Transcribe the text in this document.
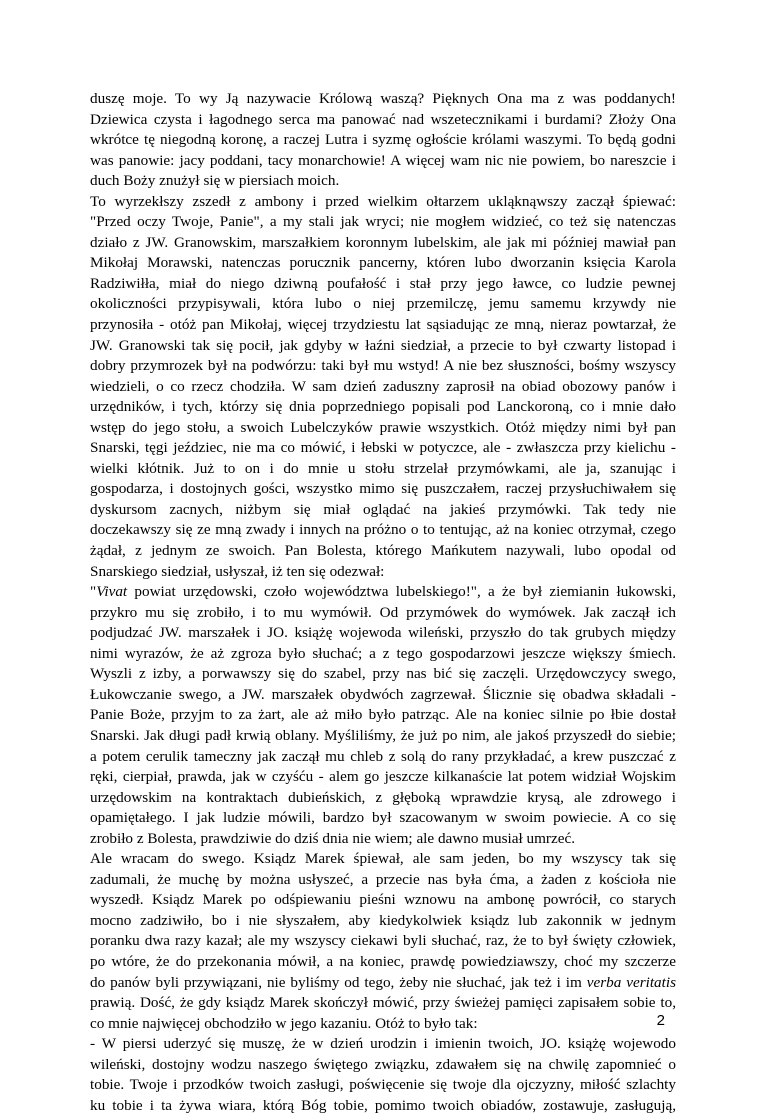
duszę moje. To wy Ją nazywacie Królową waszą? Pięknych Ona ma z was poddanych!
Dziewica czysta i łagodnego serca ma panować nad wszetecznikami i burdami? Złoży Ona
wkrótce tę niegodną koronę, a raczej Lutra i syzmę ogłoście królami waszymi. To będą godni
was panowie: jacy poddani, tacy monarchowie! A więcej wam nic nie powiem, bo nareszcie i
duch Boży znużył się w piersiach moich.
To wyrzekłszy zszedł z ambony i przed wielkim ołtarzem ukląknąwszy zaczął śpiewać:
"Przed oczy Twoje, Panie", a my stali jak wryci; nie mogłem widzieć, co też się natenczas
działo z JW. Granowskim, marszałkiem koronnym lubelskim, ale jak mi później mawiał pan
Mikołaj Morawski, natenczas porucznik pancerny, któren lubo dworzanin księcia Karola
Radziwiłła, miał do niego dziwną poufałość i stał przy jego ławce, co ludzie pewnej
okoliczności przypisywali, która lubo o niej przemilczę, jemu samemu krzywdy nie
przynosiła - otóż pan Mikołaj, więcej trzydziestu lat sąsiadując ze mną, nieraz powtarzał, że
JW. Granowski tak się pocił, jak gdyby w łaźni siedział, a przecie to był czwarty listopad i
dobry przymrozek był na podwórzu: taki był mu wstyd! A nie bez słuszności, bośmy wszyscy
wiedzieli, o co rzecz chodziła. W sam dzień zaduszny zaprosił na obiad obozowy panów i
urzędników, i tych, którzy się dnia poprzedniego popisali pod Lanckoroną, co i mnie dało
wstęp do jego stołu, a swoich Lubelczyków prawie wszystkich. Otóż między nimi był pan
Snarski, tęgi jeździec, nie ma co mówić, i łebski w potyczce, ale - zwłaszcza przy kielichu -
wielki kłótnik. Już to on i do mnie u stołu strzelał przymówkami, ale ja, szanując i
gospodarza, i dostojnych gości, wszystko mimo się puszczałem, raczej przysłuchiwałem się
dyskursom zacnych, niżbym się miał oglądać na jakieś przymówki. Tak tedy nie
doczekawszy się ze mną zwady i innych na próżno o to tentując, aż na koniec otrzymał, czego
żądał, z jednym ze swoich. Pan Bolesta, którego Mańkutem nazywali, lubo opodal od
Snarskiego siedział, usłyszał, iż ten się odezwał:
"Vivat powiat urzędowski, czoło województwa lubelskiego!", a że był ziemianin łukowski,
przykro mu się zrobiło, i to mu wymówił. Od przymówek do wymówek. Jak zaczął ich
podjudzać JW. marszałek i JO. książę wojewoda wileński, przyszło do tak grubych między
nimi wyrazów, że aż zgroza było słuchać; a z tego gospodarzowi jeszcze większy śmiech.
Wyszli z izby, a porwawszy się do szabel, przy nas bić się zaczęli. Urzędowczycy swego,
Łukowczanie swego, a JW. marszałek obydwóch zagrzewał. Ślicznie się obadwa składali -
Panie Boże, przyjm to za żart, ale aż miło było patrząc. Ale na koniec silnie po łbie dostał
Snarski. Jak długi padł krwią oblany. Myśliliśmy, że już po nim, ale jakoś przyszedł do siebie;
a potem cerulik tameczny jak zaczął mu chleb z solą do rany przykładać, a krew puszczać z
ręki, cierpiał, prawda, jak w czyśću - alem go jeszcze kilkanaście lat potem widział Wojskim
urzędowskim na kontraktach dubieńskich, z głęboką wprawdzie krysą, ale zdrowego i
opamiętałego. I jak ludzie mówili, bardzo był szacowanym w swoim powiecie. A co się
zrobiło z Bolesta, prawdziwie do dziś dnia nie wiem; ale dawno musiał umrzeć.
Ale wracam do swego. Ksiądz Marek śpiewał, ale sam jeden, bo my wszyscy tak się
zadumali, że muchę by można usłyszeć, a przecie nas była ćma, a żaden z kościoła nie
wyszedł. Ksiądz Marek po odśpiewaniu pieśni wznowu na ambonę powrócił, co starych
mocno zadziwiło, bo i nie słyszałem, aby kiedykolwiek ksiądz lub zakonnik w jednym
poranku dwa razy kazał; ale my wszyscy ciekawi byli słuchać, raz, że to był święty człowiek,
po wtóre, że do przekonania mówił, a na koniec, prawdę powiedziawszy, choć my szczerze
do panów byli przywiązani, nie byliśmy od tego, żeby nie słuchać, jak też i im verba veritatis
prawią. Dość, że gdy ksiądz Marek skończył mówić, przy świeżej pamięci zapisałem sobie to,
co mnie najwięcej obchodziło w jego kazaniu. Otóż to było tak:
- W piersi uderzyć się muszę, że w dzień urodzin i imienin twoich, JO. książę wojewodo
wileński, dostojny wodzu naszego świętego związku, zdawałem się na chwilę zapomnieć o
tobie. Twoje i przodków twoich zasługi, poświęcenie się twoje dla ojczyzny, miłość szlachty
ku tobie i ta żywa wiara, którą Bóg tobie, pomimo twoich obiadów, zostawuje, zasługują,
2
